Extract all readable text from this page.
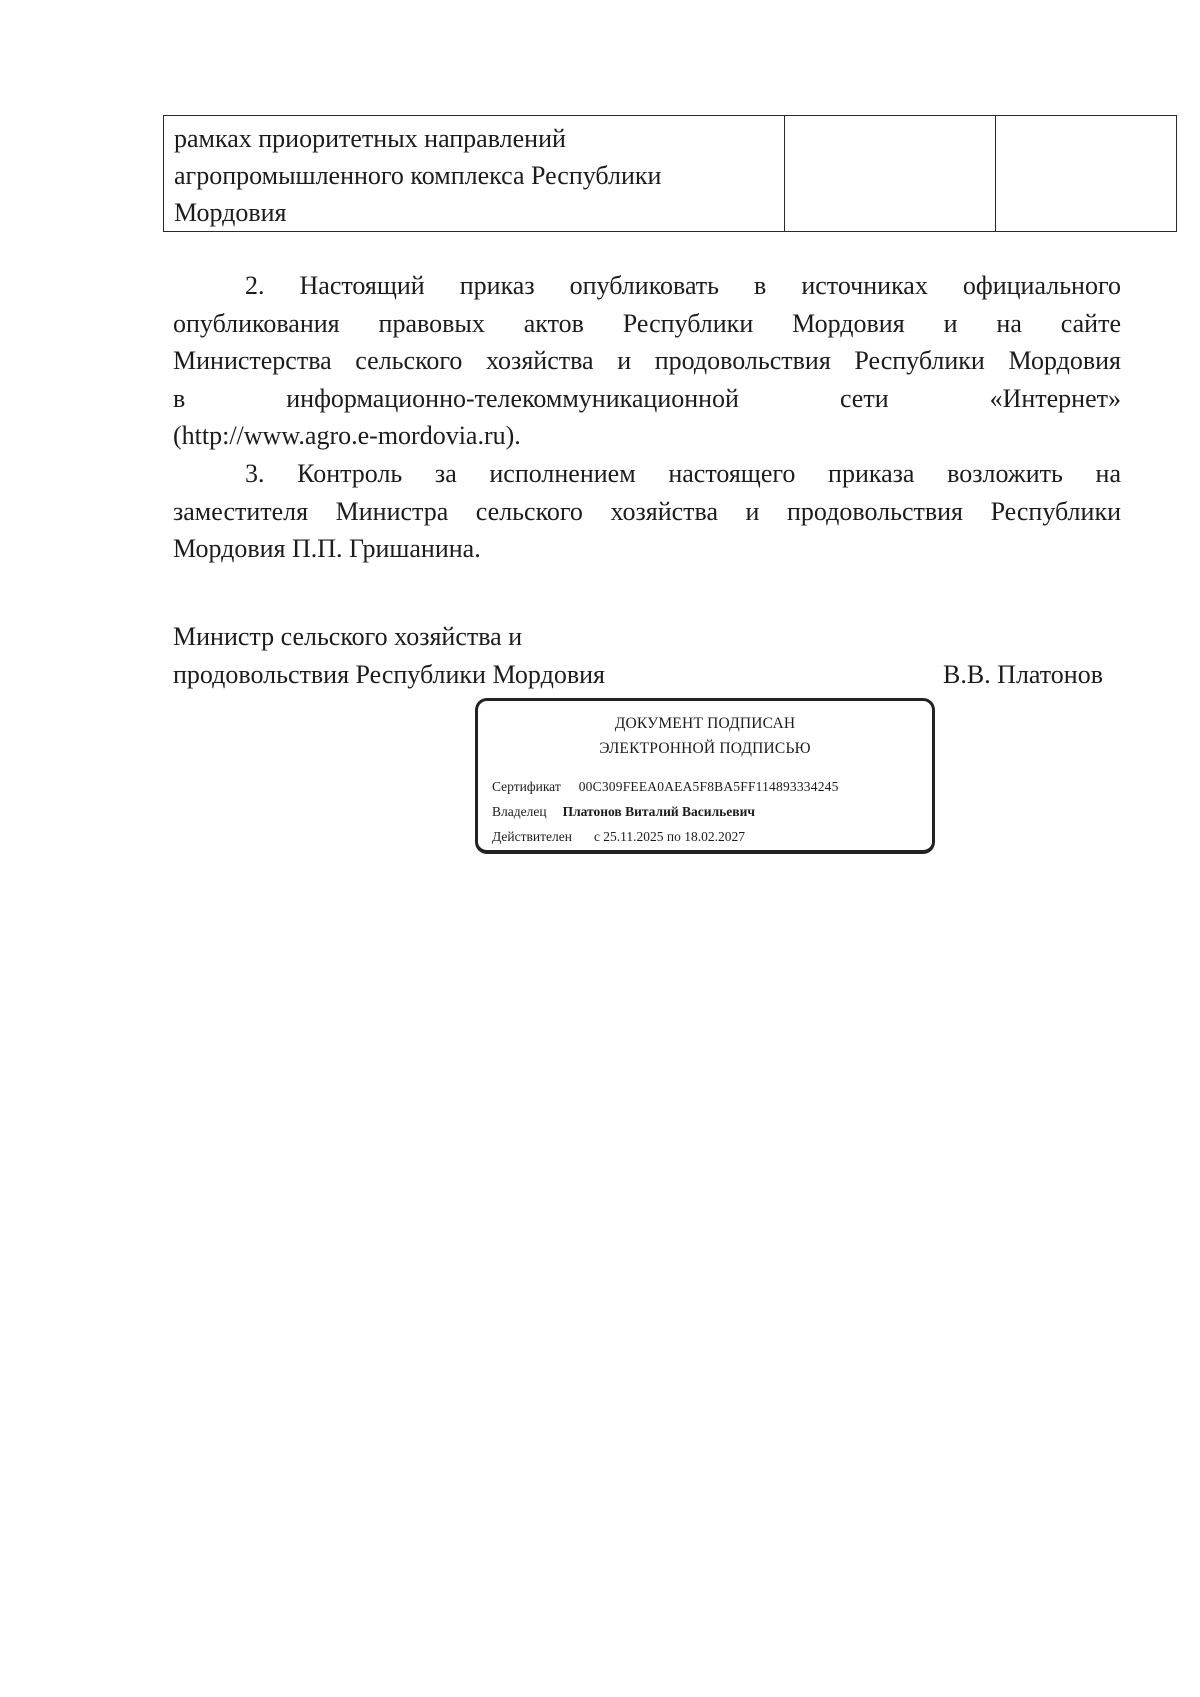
рамках приоритетных направлений
агропромышленного комплекса Республики
Мордовия

2. Настоящий приказ опубликовать в источниках официального
опубликования правовых актов Республики Мордовия и на сайте
Министерства сельского хозяйства и продовольствия Республики Мордовия
в информационно-телекоммуникационной сети «Интернет»
(http://www.agro.e-mordovia.ru).
3. Контроль за исполнением настоящего приказа возложить на
заместителя Министра сельского хозяйства и продовольствия Республики
Мордовия П.П. Гришанина.
Министр сельского хозяйства и
продовольствия Республики Мордовия	В.В. Платонов
ДОКУМЕНТ ПОДПИСАН
ЭЛЕКТРОННОЙ ПОДПИСЬЮ
Сертификат 00C309FEEA0AEA5F8BA5FF114893334245
Владелец Платонов Виталий Васильевич
Действителен с 25.11.2025 по 18.02.2027
